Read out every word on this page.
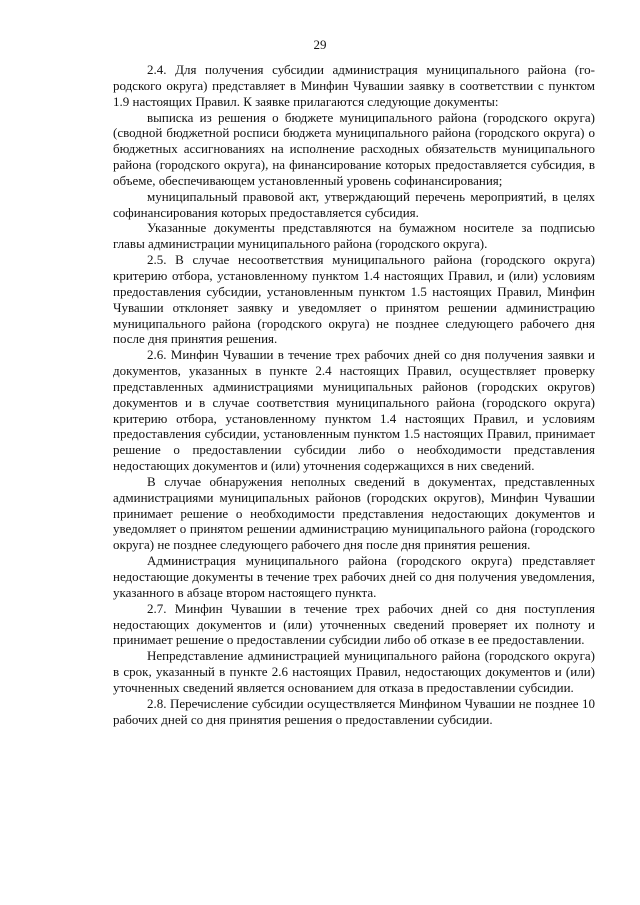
29

2.4. Для получения субсидии администрация муниципального района (городского округа) представляет в Минфин Чувашии заявку в соответствии с пунктом 1.9 настоящих Правил. К заявке прилагаются следующие документы:

выписка из решения о бюджете муниципального района (городского округа) (сводной бюджетной росписи бюджета муниципального района (городского округа) о бюджетных ассигнованиях на исполнение расходных обязательств муниципального района (городского округа), на финансирование которых предоставляется субсидия, в объеме, обеспечивающем установленный уровень софинансирования;

муниципальный правовой акт, утверждающий перечень мероприятий, в целях софинансирования которых предоставляется субсидия.

Указанные документы представляются на бумажном носителе за подписью главы администрации муниципального района (городского округа).

2.5. В случае несоответствия муниципального района (городского округа) критерию отбора, установленному пунктом 1.4 настоящих Правил, и (или) условиям предоставления субсидии, установленным пунктом 1.5 настоящих Правил, Минфин Чувашии отклоняет заявку и уведомляет о принятом решении администрацию муниципального района (городского округа) не позднее следующего рабочего дня после дня принятия решения.

2.6. Минфин Чувашии в течение трех рабочих дней со дня получения заявки и документов, указанных в пункте 2.4 настоящих Правил, осуществляет проверку представленных администрациями муниципальных районов (городских округов) документов и в случае соответствия муниципального района (городского округа) критерию отбора, установленному пунктом 1.4 настоящих Правил, и условиям предоставления субсидии, установленным пунктом 1.5 настоящих Правил, принимает решение о предоставлении субсидии либо о необходимости представления недостающих документов и (или) уточнения содержащихся в них сведений.

В случае обнаружения неполных сведений в документах, представленных администрациями муниципальных районов (городских округов), Минфин Чувашии принимает решение о необходимости представления недостающих документов и уведомляет о принятом решении администрацию муниципального района (городского округа) не позднее следующего рабочего дня после дня принятия решения.

Администрация муниципального района (городского округа) представляет недостающие документы в течение трех рабочих дней со дня получения уведомления, указанного в абзаце втором настоящего пункта.

2.7. Минфин Чувашии в течение трех рабочих дней со дня поступления недостающих документов и (или) уточненных сведений проверяет их полноту и принимает решение о предоставлении субсидии либо об отказе в ее предоставлении.

Непредставление администрацией муниципального района (городского округа) в срок, указанный в пункте 2.6 настоящих Правил, недостающих документов и (или) уточненных сведений является основанием для отказа в предоставлении субсидии.

2.8. Перечисление субсидии осуществляется Минфином Чувашии не позднее 10 рабочих дней со дня принятия решения о предоставлении субсидии.
